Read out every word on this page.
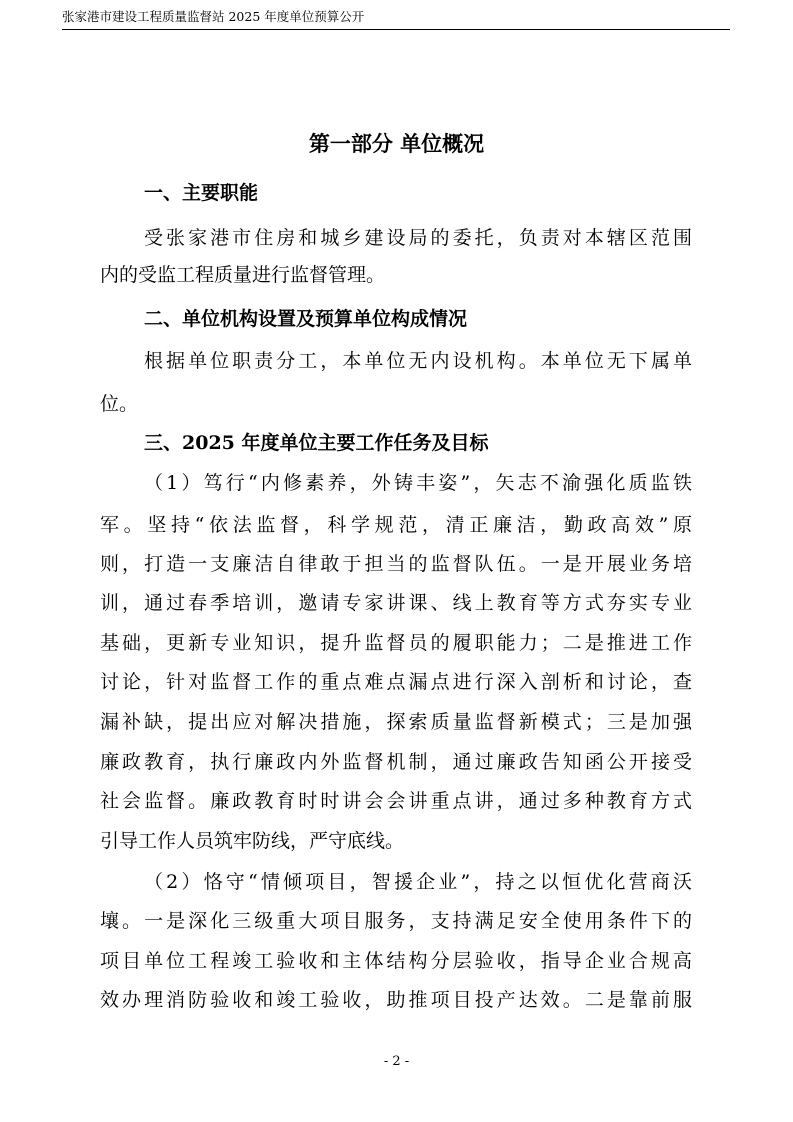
张家港市建设工程质量监督站 2025 年度单位预算公开
第一部分 单位概况
一、主要职能
受张家港市住房和城乡建设局的委托，负责对本辖区范围
内的受监工程质量进行监督管理。
二、单位机构设置及预算单位构成情况
根据单位职责分工，本单位无内设机构。本单位无下属单
位。
三、2025 年度单位主要工作任务及目标
（1）笃行“内修素养，外铸丰姿”，矢志不渝强化质监铁
军。坚持“依法监督，科学规范，清正廉洁，勤政高效”原
则，打造一支廉洁自律敢于担当的监督队伍。一是开展业务培
训，通过春季培训，邀请专家讲课、线上教育等方式夯实专业
基础，更新专业知识，提升监督员的履职能力；二是推进工作
讨论，针对监督工作的重点难点漏点进行深入剖析和讨论，查
漏补缺，提出应对解决措施，探索质量监督新模式；三是加强
廉政教育，执行廉政内外监督机制，通过廉政告知函公开接受
社会监督。廉政教育时时讲会会讲重点讲，通过多种教育方式
引导工作人员筑牢防线，严守底线。
（2）恪守“情倾项目，智援企业”，持之以恒优化营商沃
壤。一是深化三级重大项目服务，支持满足安全使用条件下的
项目单位工程竣工验收和主体结构分层验收，指导企业合规高
效办理消防验收和竣工验收，助推项目投产达效。二是靠前服
- 2 -
